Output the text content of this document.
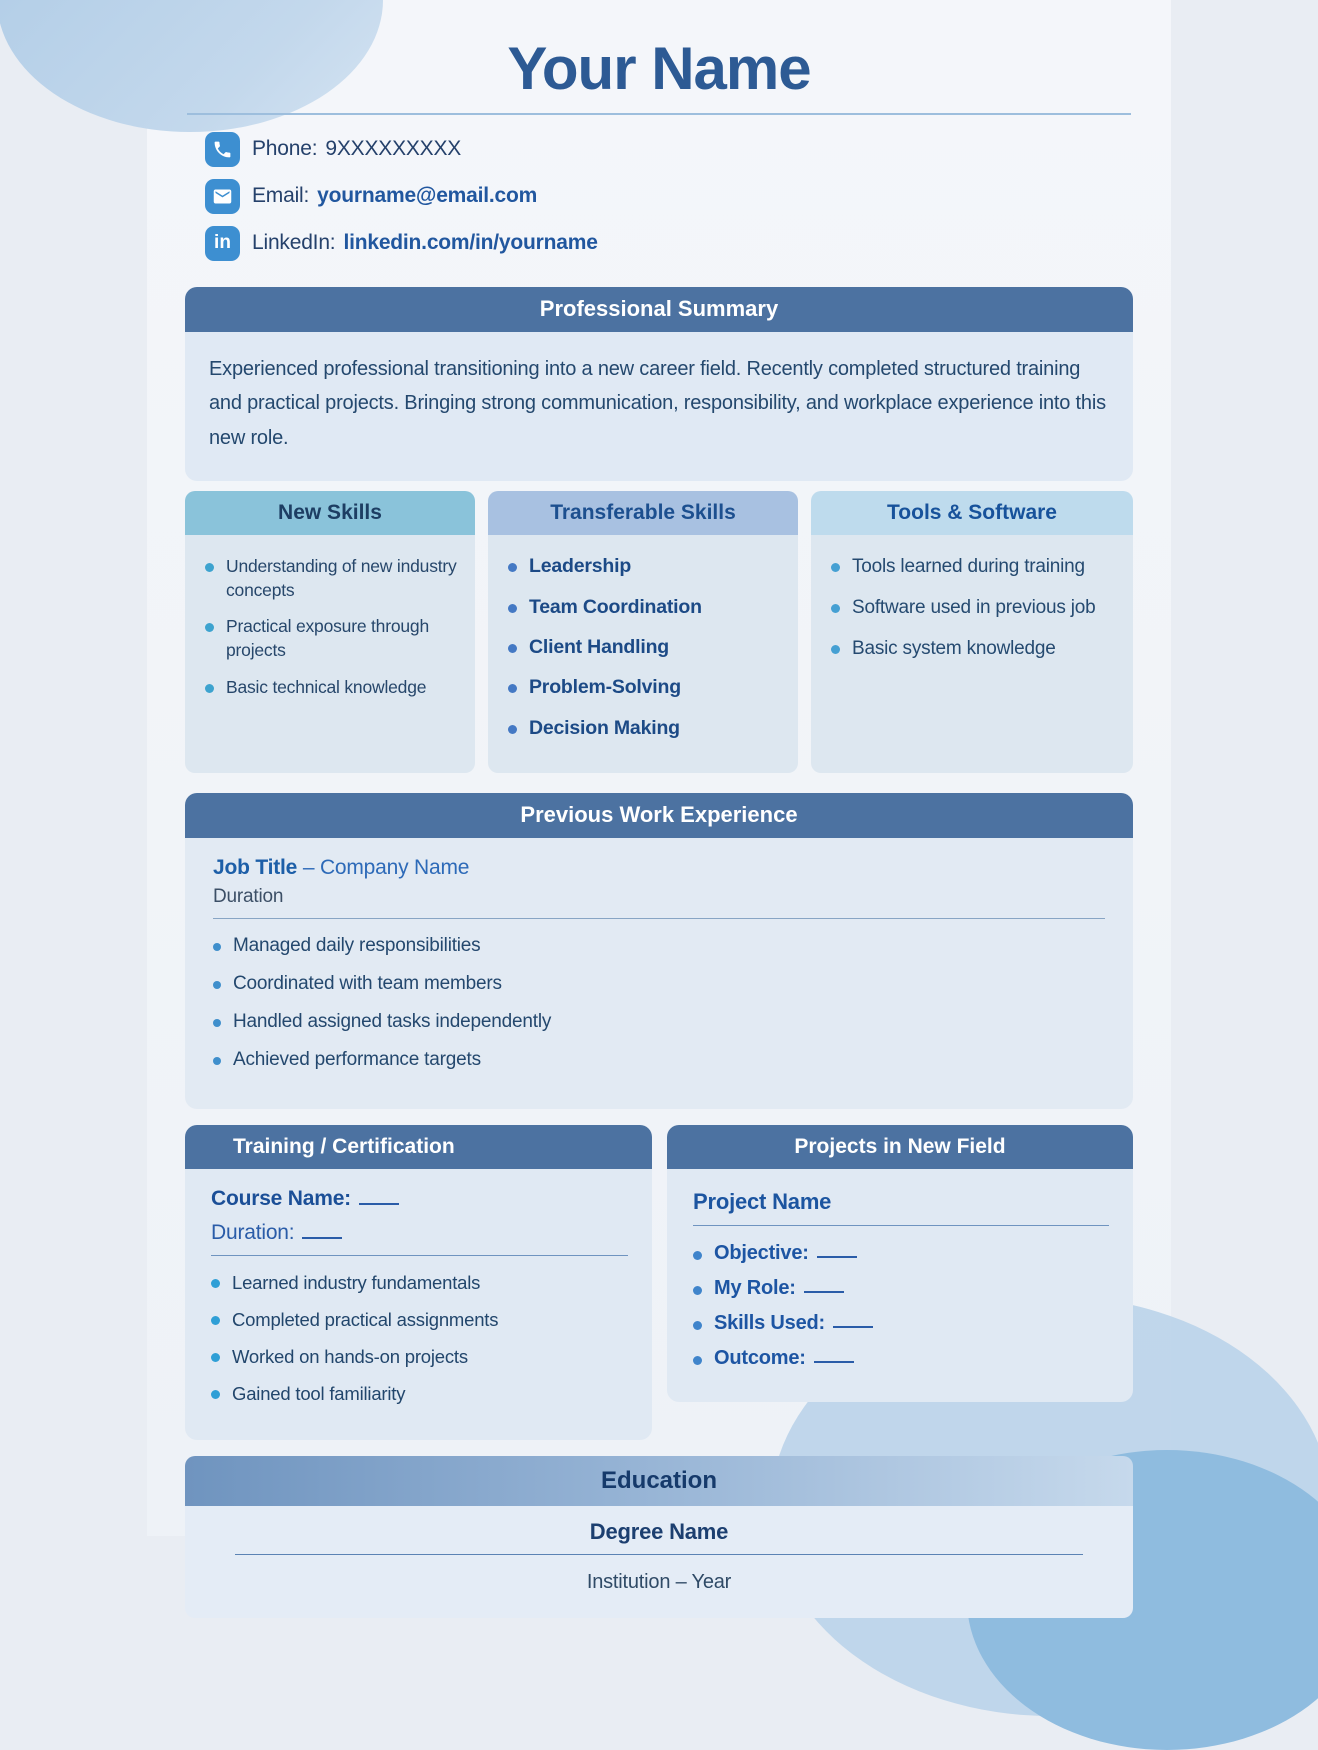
Your Name
Phone: 9XXXXXXXXX
Email: yourname@email.com
in LinkedIn: linkedin.com/in/yourname
Professional Summary
Experienced professional transitioning into a new career field. Recently completed structured training and practical projects. Bringing strong communication, responsibility, and workplace experience into this new role.
New Skills
Understanding of new industry concepts
Practical exposure through projects
Basic technical knowledge
Transferable Skills
Leadership
Team Coordination
Client Handling
Problem-Solving
Decision Making
Tools & Software
Tools learned during training
Software used in previous job
Basic system knowledge
Previous Work Experience
Job Title – Company Name
Duration
Managed daily responsibilities
Coordinated with team members
Handled assigned tasks independently
Achieved performance targets
Training / Certification
Course Name:
Duration:
Learned industry fundamentals
Completed practical assignments
Worked on hands-on projects
Gained tool familiarity
Projects in New Field
Project Name
Objective:
My Role:
Skills Used:
Outcome:
Education
Degree Name
Institution – Year
